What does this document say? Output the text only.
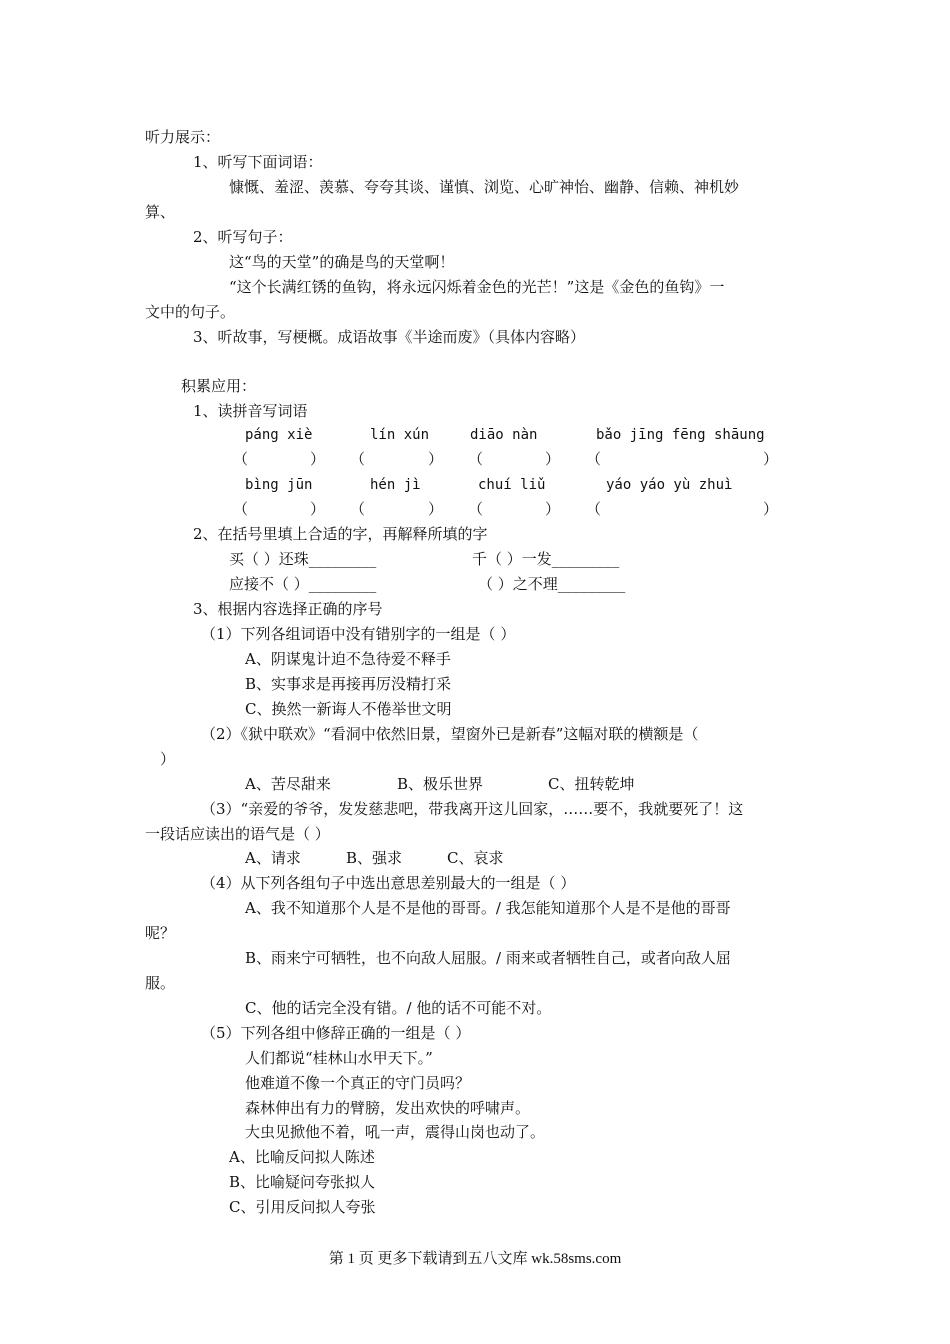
听力展示：
1、听写下面词语：
慷慨、羞涩、羡慕、夸夸其谈、谨慎、浏览、心旷神怡、幽静、信赖、神机妙
算、
2、听写句子：
这“鸟的天堂”的确是鸟的天堂啊！
“这个长满红锈的鱼钩，将永远闪烁着金色的光芒！”这是《金色的鱼钩》一
文中的句子。
3、听故事，写梗概。成语故事《半途而废》（具体内容略）
积累应用：
1、读拼音写词语
páng xiè	lín xún	diāo nàn	bǎo jīng fēng shāung
（	） （	） （	） （	）
bìng jūn	hén jì	chuí liǔ	yáo yáo yù zhuì
（	） （	） （	） （	）
2、在括号里填上合适的字，再解释所填的字
买（ ）还珠_________	千（ ）一发_________
应接不（ ）_________	（ ）之不理_________
3、根据内容选择正确的序号
（1）下列各组词语中没有错别字的一组是（ ）
A、阴谋鬼计迫不急待爱不释手
B、实事求是再接再厉没精打采
C、换然一新诲人不倦举世文明
（2）《狱中联欢》“看洞中依然旧景，望窗外已是新春”这幅对联的横额是（
）
A、苦尽甜来	B、极乐世界	C、扭转乾坤
（3）“亲爱的爷爷，发发慈悲吧，带我离开这儿回家，……要不，我就要死了！这
一段话应读出的语气是（ ）
A、请求	B、强求	C、哀求
（4）从下列各组句子中选出意思差别最大的一组是（ ）
A、我不知道那个人是不是他的哥哥。/ 我怎能知道那个人是不是他的哥哥
呢？
B、雨来宁可牺牲，也不向敌人屈服。/ 雨来或者牺牲自己，或者向敌人屈
服。
C、他的话完全没有错。/ 他的话不可能不对。
（5）下列各组中修辞正确的一组是（ ）
人们都说“桂林山水甲天下。”
他难道不像一个真正的守门员吗？
森林伸出有力的臂膀，发出欢快的呼啸声。
大虫见掀他不着，吼一声，震得山岗也动了。
A、比喻反问拟人陈述
B、比喻疑问夸张拟人
C、引用反问拟人夸张
第 1 页 更多下载请到五八文库 wk.58sms.com
